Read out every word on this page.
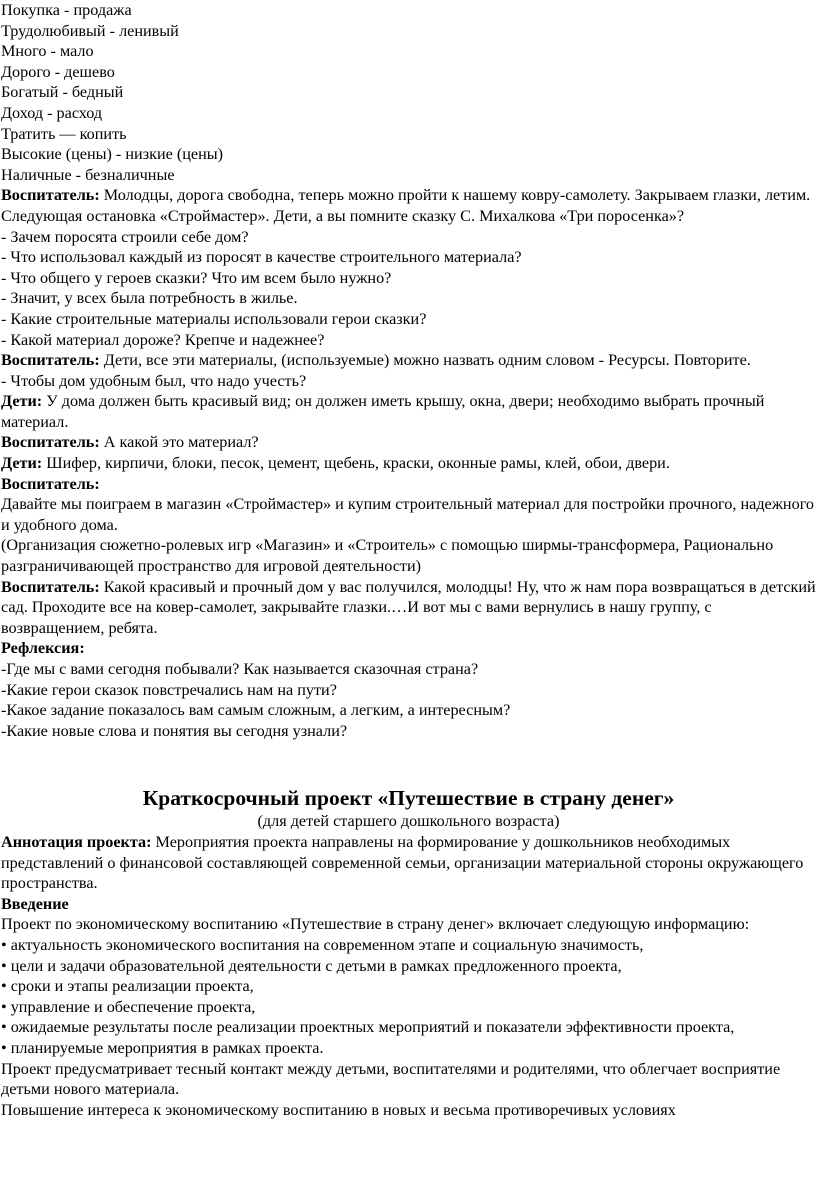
Покупка - продажа

Трудолюбивый - ленивый

Много - мало

Дорого - дешево

Богатый - бедный

Доход - расход

Тратить — копить

Высокие (цены) - низкие (цены)

Наличные - безналичные

Воспитатель: Молодцы, дорога свободна, теперь можно пройти к нашему ковру-самолету. Закрываем глазки, летим. Следующая остановка «Строймастер». Дети, а вы помните сказку С. Михалкова «Три поросенка»?

- Зачем поросята строили себе дом?

- Что использовал каждый из поросят в качестве строительного материала?

- Что общего у героев сказки? Что им всем было нужно?

- Значит, у всех была потребность в жилье.

- Какие строительные материалы использовали герои сказки?

- Какой материал дороже? Крепче и надежнее?

Воспитатель: Дети, все эти материалы, (используемые) можно назвать одним словом - Ресурсы. Повторите.

- Чтобы дом удобным был, что надо учесть?

Дети: У дома должен быть красивый вид; он должен иметь крышу, окна, двери; необходимо выбрать прочный материал.

Воспитатель: А какой это материал?

Дети: Шифер, кирпичи, блоки, песок, цемент, щебень, краски, оконные рамы, клей, обои, двери.

Воспитатель:

Давайте мы поиграем в магазин «Строймастер» и купим строительный материал для постройки прочного, надежного и удобного дома.

(Организация сюжетно-ролевых игр «Магазин» и «Строитель» с помощью ширмы-трансформера, Рационально разграничивающей пространство для игровой деятельности)

Воспитатель: Какой красивый и прочный дом у вас получился, молодцы! Ну, что ж нам пора возвращаться в детский сад. Проходите все на ковер-самолет, закрывайте глазки.…И вот мы с вами вернулись в нашу группу, с возвращением, ребята.

Рефлексия:

-Где мы с вами сегодня побывали? Как называется сказочная страна?

-Какие герои сказок повстречались нам на пути?

-Какое задание показалось вам самым сложным, а легким, а интересным?

-Какие новые слова и понятия вы сегодня узнали?

Краткосрочный проект «Путешествие в страну денег»

(для детей старшего дошкольного возраста)

Аннотация проекта: Мероприятия проекта направлены на формирование у дошкольников необходимых представлений о финансовой составляющей современной семьи, организации материальной стороны окружающего пространства.

Введение

Проект по экономическому воспитанию «Путешествие в страну денег» включает следующую информацию:

• актуальность экономического воспитания на современном этапе и социальную значимость,

• цели и задачи образовательной деятельности с детьми в рамках предложенного проекта,

• сроки и этапы реализации проекта,

• управление и обеспечение проекта,

• ожидаемые результаты после реализации проектных мероприятий и показатели эффективности проекта,

• планируемые мероприятия в рамках проекта.

Проект предусматривает тесный контакт между детьми, воспитателями и родителями, что облегчает восприятие детьми нового материала.

Повышение интереса к экономическому воспитанию в новых и весьма противоречивых условиях
